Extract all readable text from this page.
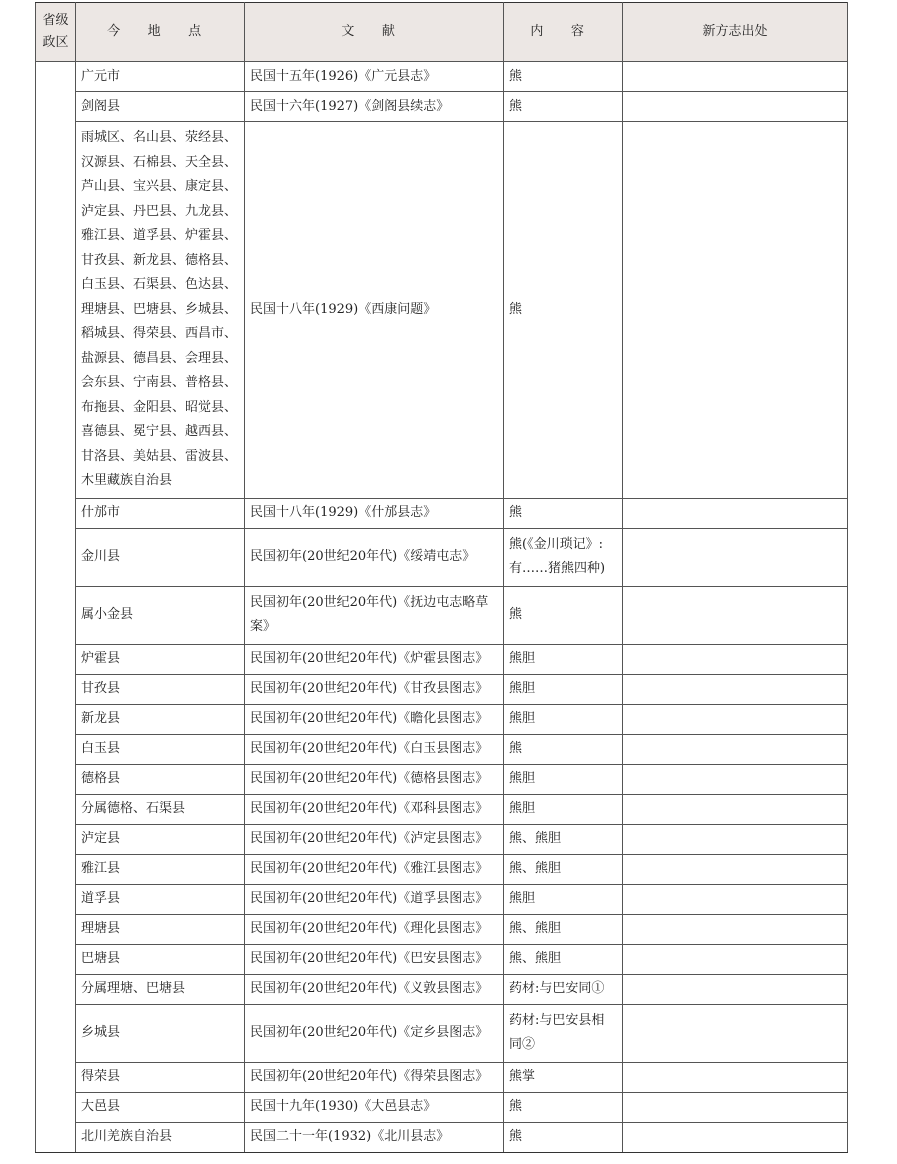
省级政区	今 地 点	文 献	内 容	新方志出处
	广元市	民国十五年(1926)《广元县志》	熊	
	剑阁县	民国十六年(1927)《剑阁县续志》	熊	
	雨城区、名山县、荥经县、汉源县、石棉县、天全县、芦山县、宝兴县、康定县、泸定县、丹巴县、九龙县、雅江县、道孚县、炉霍县、甘孜县、新龙县、德格县、白玉县、石渠县、色达县、理塘县、巴塘县、乡城县、稻城县、得荣县、西昌市、盐源县、德昌县、会理县、会东县、宁南县、普格县、布拖县、金阳县、昭觉县、喜德县、冕宁县、越西县、甘洛县、美姑县、雷波县、木里藏族自治县	民国十八年(1929)《西康问题》	熊	
	什邡市	民国十八年(1929)《什邡县志》	熊	
	金川县	民国初年(20世纪20年代)《绥靖屯志》	熊(《金川琐记》:有……猪熊四种)	
	属小金县	民国初年(20世纪20年代)《抚边屯志略草案》	熊	
	炉霍县	民国初年(20世纪20年代)《炉霍县图志》	熊胆	
	甘孜县	民国初年(20世纪20年代)《甘孜县图志》	熊胆	
	新龙县	民国初年(20世纪20年代)《瞻化县图志》	熊胆	
	白玉县	民国初年(20世纪20年代)《白玉县图志》	熊	
	德格县	民国初年(20世纪20年代)《德格县图志》	熊胆	
	分属德格、石渠县	民国初年(20世纪20年代)《邓科县图志》	熊胆	
	泸定县	民国初年(20世纪20年代)《泸定县图志》	熊、熊胆	
	雅江县	民国初年(20世纪20年代)《雅江县图志》	熊、熊胆	
	道孚县	民国初年(20世纪20年代)《道孚县图志》	熊胆	
	理塘县	民国初年(20世纪20年代)《理化县图志》	熊、熊胆	
	巴塘县	民国初年(20世纪20年代)《巴安县图志》	熊、熊胆	
	分属理塘、巴塘县	民国初年(20世纪20年代)《义敦县图志》	药材:与巴安同①	
	乡城县	民国初年(20世纪20年代)《定乡县图志》	药材:与巴安县相同②	
	得荣县	民国初年(20世纪20年代)《得荣县图志》	熊掌	
	大邑县	民国十九年(1930)《大邑县志》	熊	
	北川羌族自治县	民国二十一年(1932)《北川县志》	熊	
